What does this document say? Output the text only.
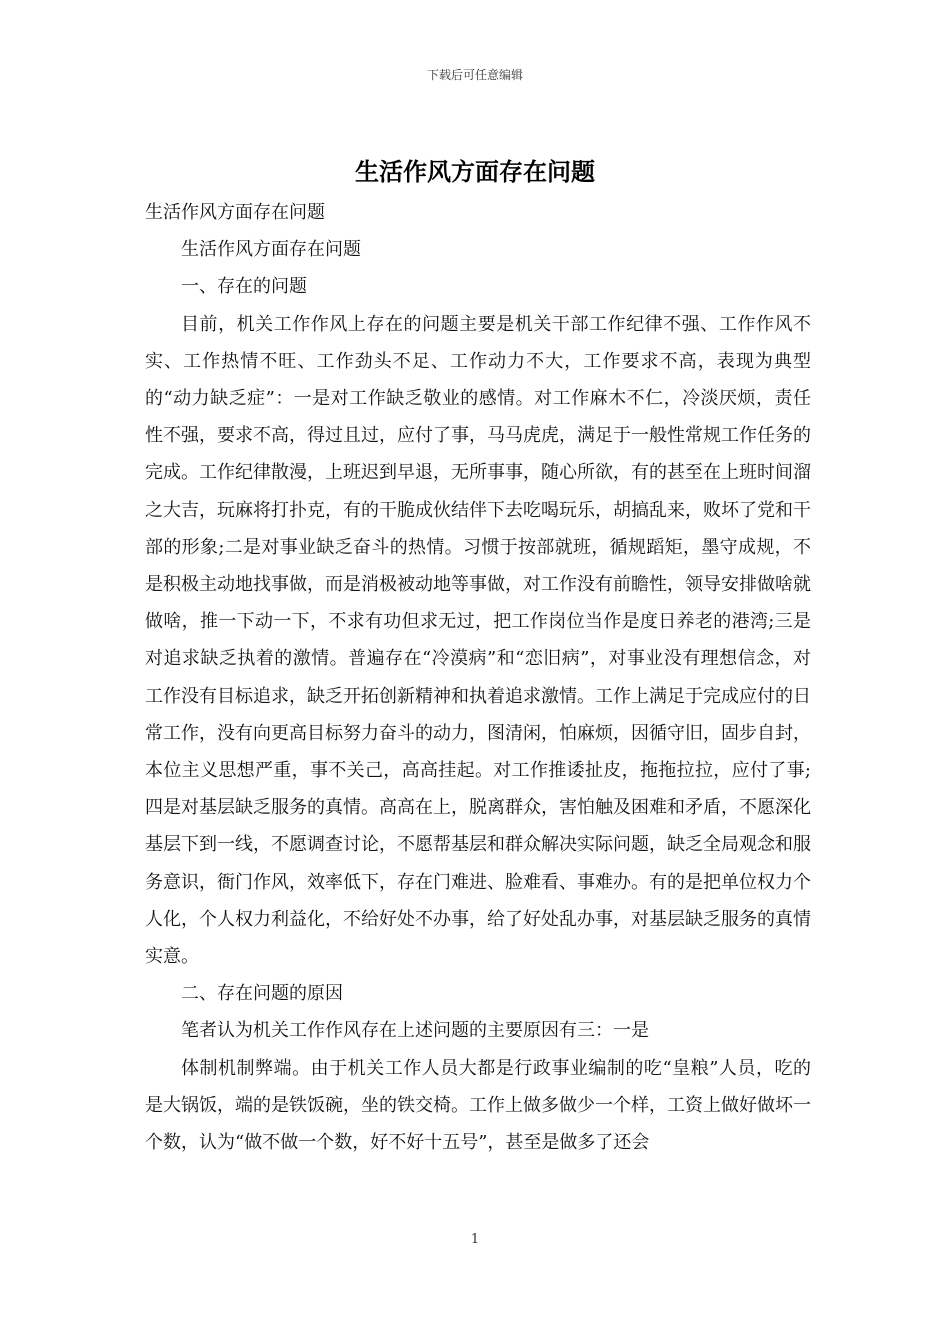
下载后可任意编辑
生活作风方面存在问题

生活作风方面存在问题

生活作风方面存在问题

一、存在的问题

目前，机关工作作风上存在的问题主要是机关干部工作纪律不强、工作作风不实、工作热情不旺、工作劲头不足、工作动力不大，工作要求不高，表现为典型的“动力缺乏症”：一是对工作缺乏敬业的感情。对工作麻木不仁，冷淡厌烦，责任性不强，要求不高，得过且过，应付了事，马马虎虎，满足于一般性常规工作任务的完成。工作纪律散漫，上班迟到早退，无所事事，随心所欲，有的甚至在上班时间溜之大吉，玩麻将打扑克，有的干脆成伙结伴下去吃喝玩乐，胡搞乱来，败坏了党和干部的形象;二是对事业缺乏奋斗的热情。习惯于按部就班，循规蹈矩，墨守成规，不是积极主动地找事做，而是消极被动地等事做，对工作没有前瞻性，领导安排做啥就做啥，推一下动一下，不求有功但求无过，把工作岗位当作是度日养老的港湾;三是对追求缺乏执着的激情。普遍存在“冷漠病”和“恋旧病”，对事业没有理想信念，对工作没有目标追求，缺乏开拓创新精神和执着追求激情。工作上满足于完成应付的日常工作，没有向更高目标努力奋斗的动力，图清闲，怕麻烦，因循守旧，固步自封，本位主义思想严重，事不关己，高高挂起。对工作推诿扯皮，拖拖拉拉，应付了事;四是对基层缺乏服务的真情。高高在上，脱离群众，害怕触及困难和矛盾，不愿深化基层下到一线，不愿调查讨论，不愿帮基层和群众解决实际问题，缺乏全局观念和服务意识，衙门作风，效率低下，存在门难进、脸难看、事难办。有的是把单位权力个人化，个人权力利益化，不给好处不办事，给了好处乱办事，对基层缺乏服务的真情实意。

二、存在问题的原因

笔者认为机关工作作风存在上述问题的主要原因有三：一是

体制机制弊端。由于机关工作人员大都是行政事业编制的吃“皇粮”人员，吃的是大锅饭，端的是铁饭碗，坐的铁交椅。工作上做多做少一个样，工资上做好做坏一个数，认为“做不做一个数，好不好十五号”，甚至是做多了还会

1
